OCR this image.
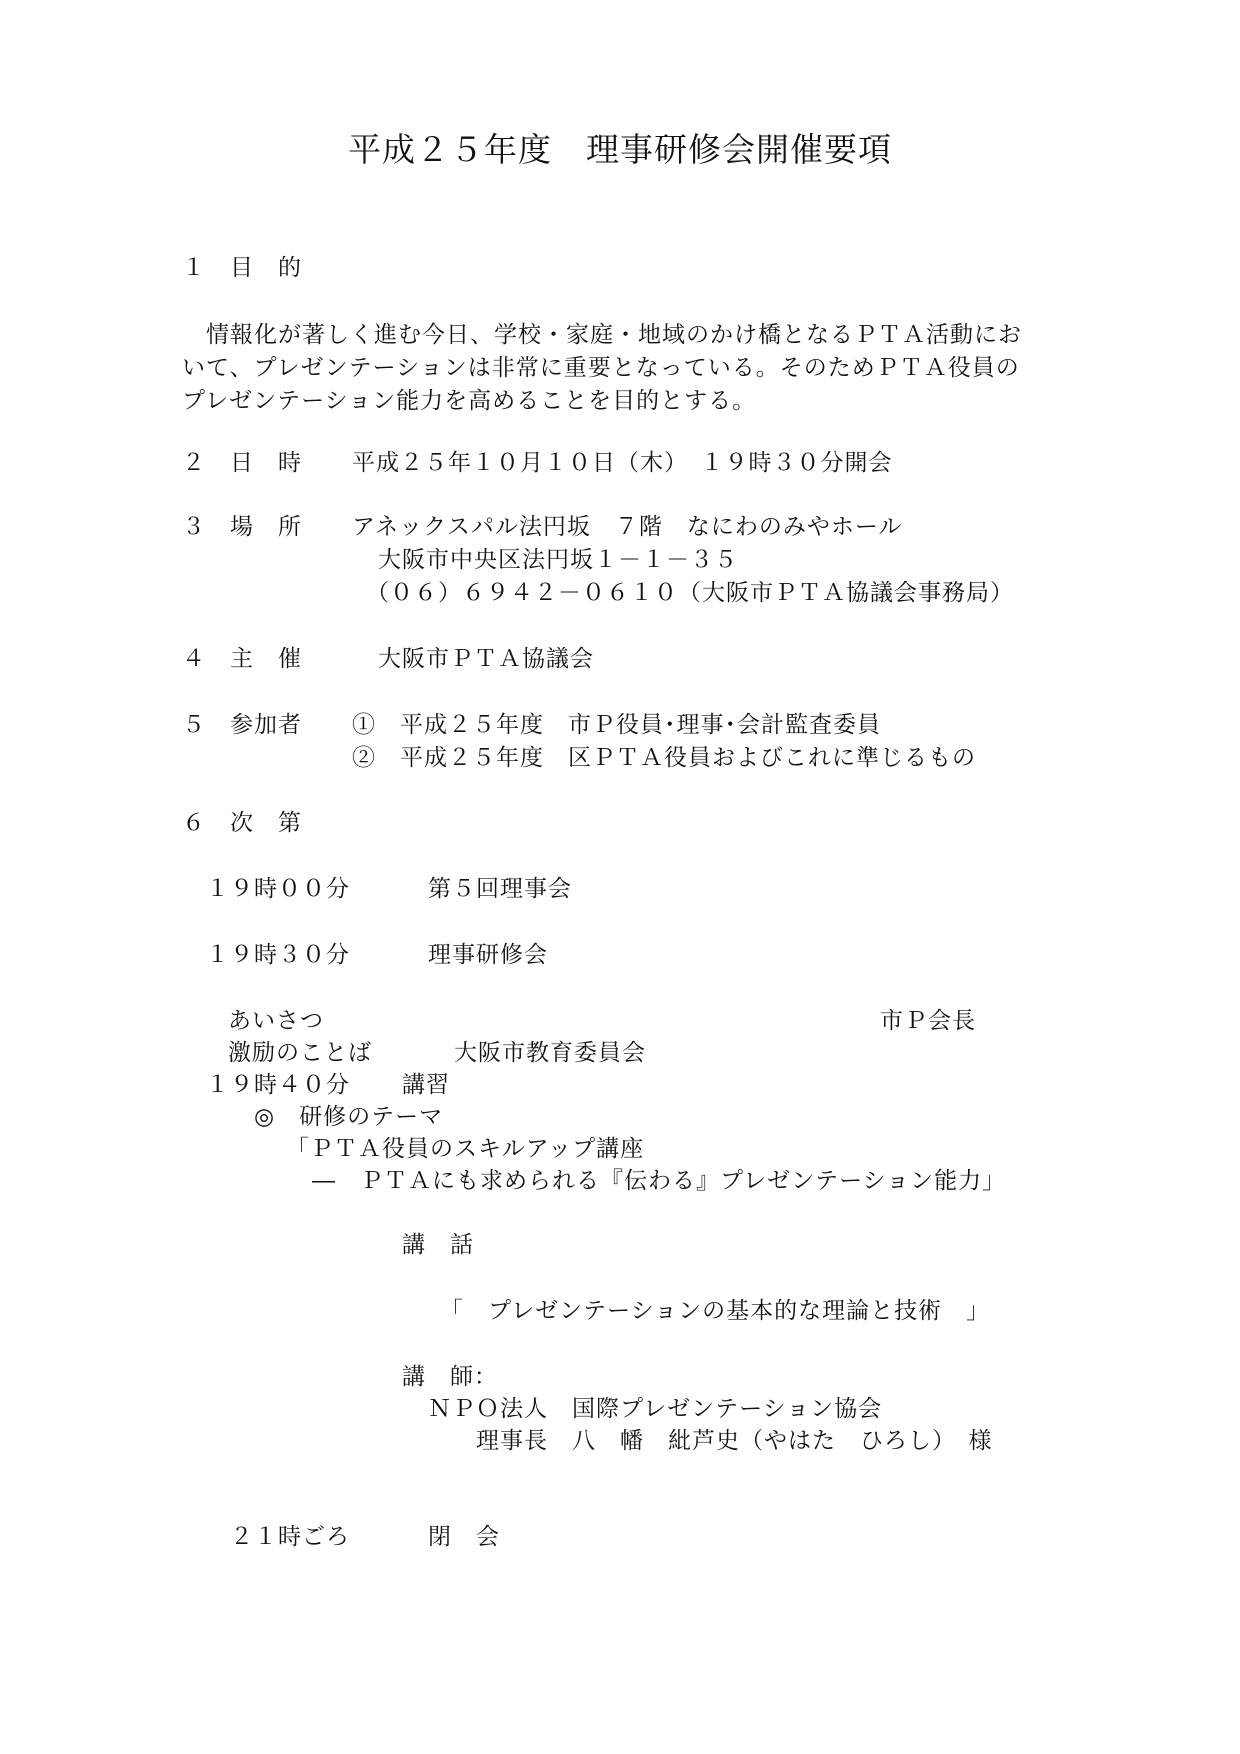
平成２５年度　理事研修会開催要項
１　目　的
　情報化が著しく進む今日、学校・家庭・地域のかけ橋となるＰＴＡ活動にお
いて、プレゼンテーションは非常に重要となっている。そのためＰＴＡ役員の
プレゼンテーション能力を高めることを目的とする。
２　日　時 平成２５年１０月１０日（木）　１９時３０分開会
３　場　所 アネックスパル法円坂　７階　なにわのみやホール
大阪市中央区法円坂１－１－３５
（０６）６９４２－０６１０（大阪市ＰＴＡ協議会事務局）
４　主　催	大阪市ＰＴＡ協議会
５　参加者 ①　平成２５年度　市Ｐ役員･理事･会計監査委員
②　平成２５年度　区ＰＴＡ役員およびこれに準じるもの
６　次　第
１９時００分	第５回理事会
１９時３０分	理事研修会
あいさつ	市Ｐ会長
激励のことば	大阪市教育委員会
１９時４０分 講習
◎　研修のテーマ
「ＰＴＡ役員のスキルアップ講座
―　ＰＴＡにも求められる『伝わる』プレゼンテーション能力」
講　話
「　プレゼンテーションの基本的な理論と技術　」
講　師：
ＮＰＯ法人　国際プレゼンテーション協会
理事長　八　幡　紕芦史（やはた　ひろし）　様
２１時ごろ	閉　会
